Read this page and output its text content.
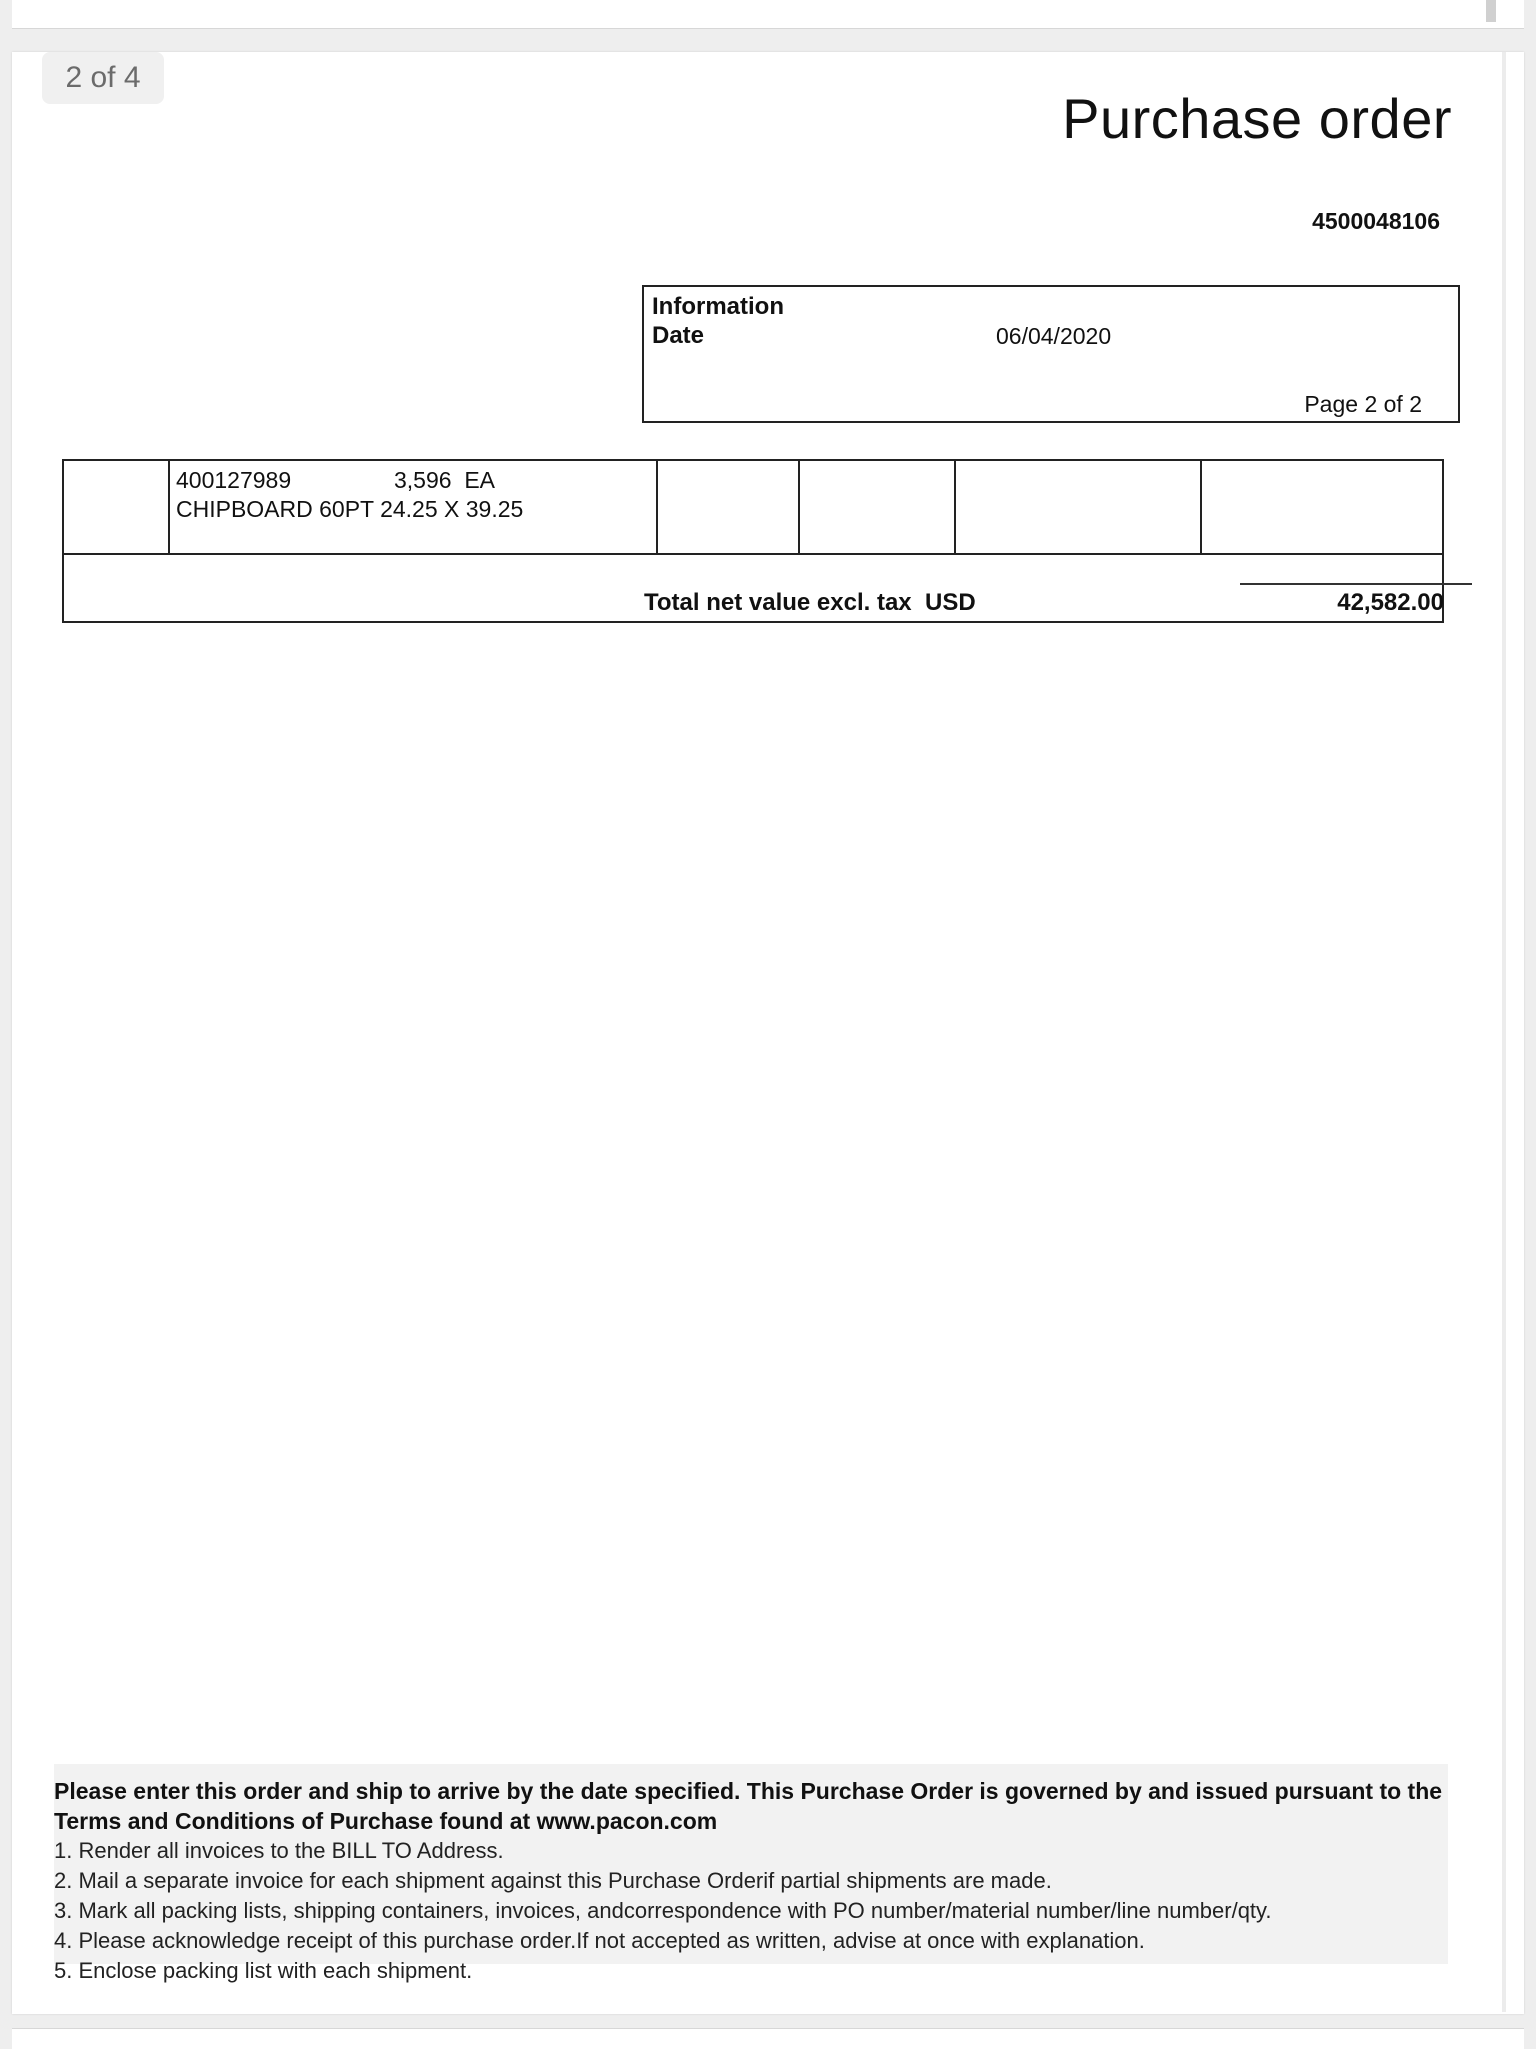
2 of 4
Purchase order
4500048106
Information
Date	06/04/2020
Page 2 of 2
400127989	3,596  EA
CHIPBOARD 60PT 24.25 X 39.25
Total net value excl. tax  USD	42,582.00

Please enter this order and ship to arrive by the date specified. This Purchase Order is governed by and issued pursuant to the Terms and Conditions of Purchase found at www.pacon.com

1. Render all invoices to the BILL TO Address.
2. Mail a separate invoice for each shipment against this Purchase Orderif partial shipments are made.
3. Mark all packing lists, shipping containers, invoices, andcorrespondence with PO number/material number/line number/qty.
4. Please acknowledge receipt of this purchase order.If not accepted as written, advise at once with explanation.
5. Enclose packing list with each shipment.
